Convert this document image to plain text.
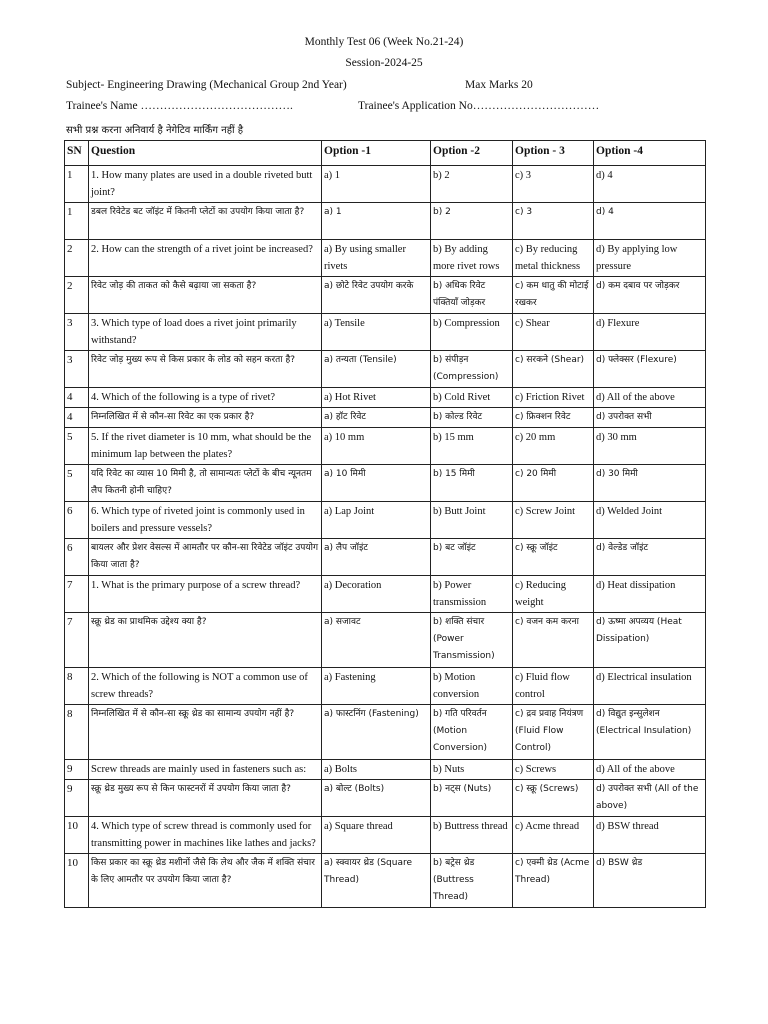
Monthly Test 06 (Week No.21-24)
Session-2024-25
Subject- Engineering Drawing (Mechanical Group 2nd Year)	Max Marks 20
Trainee's Name ………………………………….	Trainee's Application No……………………………
सभी प्रश्न करना अनिवार्य है नेगेटिव मार्किंग नहीं है
SN	Question	Option -1	Option -2	Option - 3	Option -4
1	1. How many plates are used in a double riveted butt joint?	a) 1	b) 2	c) 3	d) 4
1	डबल रिवेटेड बट जॉइंट में कितनी प्लेटों का उपयोग किया जाता है?	a) 1	b) 2	c) 3	d) 4
2	2. How can the strength of a rivet joint be increased?	a) By using smaller rivets	b) By adding more rivet rows	c) By reducing metal thickness	d) By applying low pressure
2	रिवेट जोड़ की ताकत को कैसे बढ़ाया जा सकता है?	a) छोटे रिवेट उपयोग करके	b) अधिक रिवेट पंक्तियाँ जोड़कर	c) कम धातु की मोटाई रखकर	d) कम दबाव पर जोड़कर
3	3. Which type of load does a rivet joint primarily withstand?	a) Tensile	b) Compression	c) Shear	d) Flexure
3	रिवेट जोड़ मुख्य रूप से किस प्रकार के लोड को सहन करता है?	a) तन्यता (Tensile)	b) संपीड़न (Compression)	c) सरकने (Shear)	d) फ्लेक्सर (Flexure)
4	4. Which of the following is a type of rivet?	a) Hot Rivet	b) Cold Rivet	c) Friction Rivet	d) All of the above
4	निम्नलिखित में से कौन-सा रिवेट का एक प्रकार है?	a) हॉट रिवेट	b) कोल्ड रिवेट	c) फ्रिक्शन रिवेट	d) उपरोक्त सभी
5	5. If the rivet diameter is 10 mm, what should be the minimum lap between the plates?	a) 10 mm	b) 15 mm	c) 20 mm	d) 30 mm
5	यदि रिवेट का व्यास 10 मिमी है, तो सामान्यतः प्लेटों के बीच न्यूनतम लैप कितनी होनी चाहिए?	a) 10 मिमी	b) 15 मिमी	c) 20 मिमी	d) 30 मिमी
6	6. Which type of riveted joint is commonly used in boilers and pressure vessels?	a) Lap Joint	b) Butt Joint	c) Screw Joint	d) Welded Joint
6	बायलर और प्रेशर वेसल्स में आमतौर पर कौन-सा रिवेटेड जॉइंट उपयोग किया जाता है?	a) लैप जॉइंट	b) बट जॉइंट	c) स्क्रू जॉइंट	d) वेल्डेड जॉइंट
7	1. What is the primary purpose of a screw thread?	a) Decoration	b) Power transmission	c) Reducing weight	d) Heat dissipation
7	स्क्रू थ्रेड का प्राथमिक उद्देश्य क्या है?	a) सजावट	b) शक्ति संचार (Power Transmission)	c) वजन कम करना	d) ऊष्मा अपव्यय (Heat Dissipation)
8	2. Which of the following is NOT a common use of screw threads?	a) Fastening	b) Motion conversion	c) Fluid flow control	d) Electrical insulation
8	निम्नलिखित में से कौन-सा स्क्रू थ्रेड का सामान्य उपयोग नहीं है?	a) फास्टनिंग (Fastening)	b) गति परिवर्तन (Motion Conversion)	c) द्रव प्रवाह नियंत्रण (Fluid Flow Control)	d) विद्युत इन्सुलेशन (Electrical Insulation)
9	Screw threads are mainly used in fasteners such as:	a) Bolts	b) Nuts	c) Screws	d) All of the above
9	स्क्रू थ्रेड मुख्य रूप से किन फास्टनरों में उपयोग किया जाता है?	a) बोल्ट (Bolts)	b) नट्स (Nuts)	c) स्क्रू (Screws)	d) उपरोक्त सभी (All of the above)
10	4. Which type of screw thread is commonly used for transmitting power in machines like lathes and jacks?	a) Square thread	b) Buttress thread	c) Acme thread	d) BSW thread
10	किस प्रकार का स्क्रू थ्रेड मशीनों जैसे कि लेथ और जैक में शक्ति संचार के लिए आमतौर पर उपयोग किया जाता है?	a) स्क्वायर थ्रेड (Square Thread)	b) बट्रेस थ्रेड (Buttress Thread)	c) एक्मी थ्रेड (Acme Thread)	d) BSW थ्रेड
